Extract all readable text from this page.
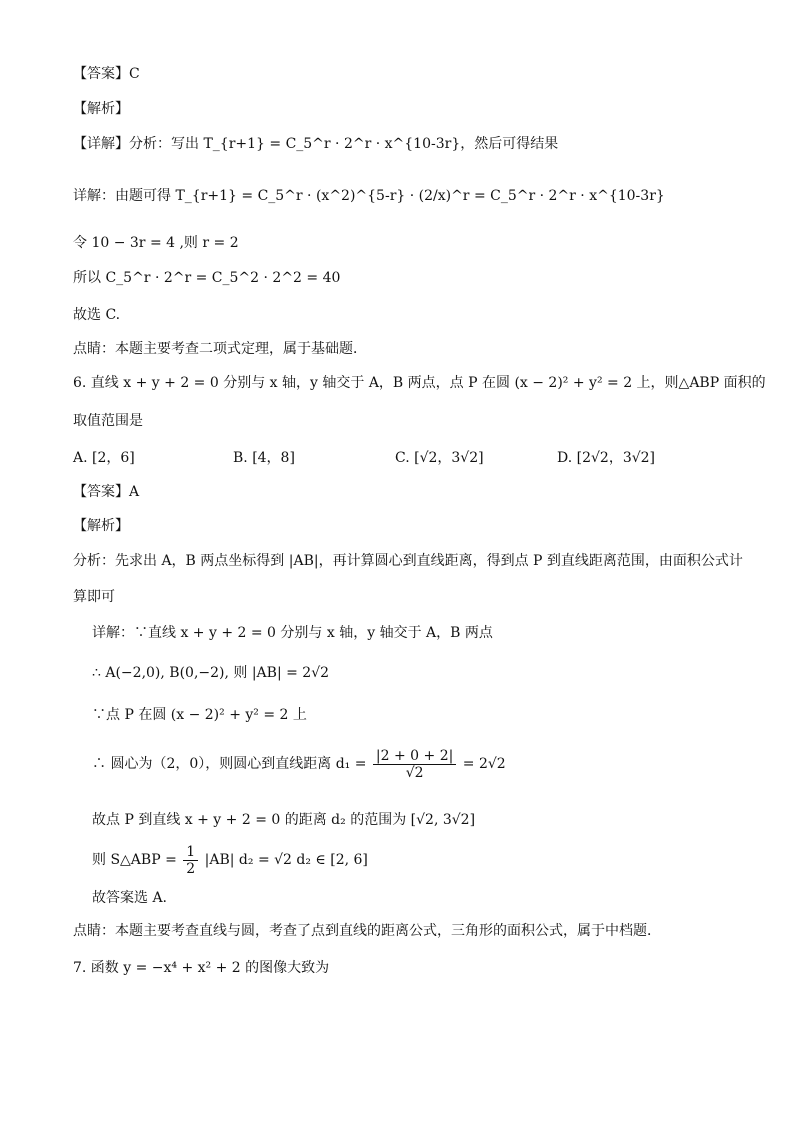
【答案】C
【解析】
【详解】分析：写出 T_{r+1} = C_5^r · 2^r · x^{10-3r}，然后可得结果
详解：由题可得 T_{r+1} = C_5^r · (x^2)^{5-r} · (2/x)^r = C_5^r · 2^r · x^{10-3r}
令 10 − 3r = 4 ,则 r = 2
所以 C_5^r · 2^r = C_5^2 · 2^2 = 40
故选 C.
点睛：本题主要考查二项式定理，属于基础题．
6. 直线 x + y + 2 = 0 分别与 x 轴，y 轴交于 A，B 两点，点 P 在圆 (x − 2)² + y² = 2 上，则△ABP 面积的
取值范围是
A. [2，6]	B. [4，8]	C. [√2，3√2]	D. [2√2，3√2]
【答案】A
【解析】
分析：先求出 A，B 两点坐标得到 |AB|，再计算圆心到直线距离，得到点 P 到直线距离范围，由面积公式计
算即可
详解：∵直线 x + y + 2 = 0 分别与 x 轴，y 轴交于 A，B 两点
∴ A(−2,0), B(0,−2), 则 |AB| = 2√2
∵点 P 在圆 (x − 2)² + y² = 2 上
∴ 圆心为（2，0），则圆心到直线距离 $d_1 = \frac{|2 + 0 + 2|}{√2} = 2√2$
故点 P 到直线 x + y + 2 = 0 的距离 d₂ 的范围为 [√2, 3√2]
则 S△ABP = $\frac{1}{2} |AB|$ d₂ = √2 d₂ ∈ [2, 6]
故答案选 A.
点睛：本题主要考查直线与圆，考查了点到直线的距离公式，三角形的面积公式，属于中档题．
7. 函数 y = −x⁴ + x² + 2 的图像大致为
